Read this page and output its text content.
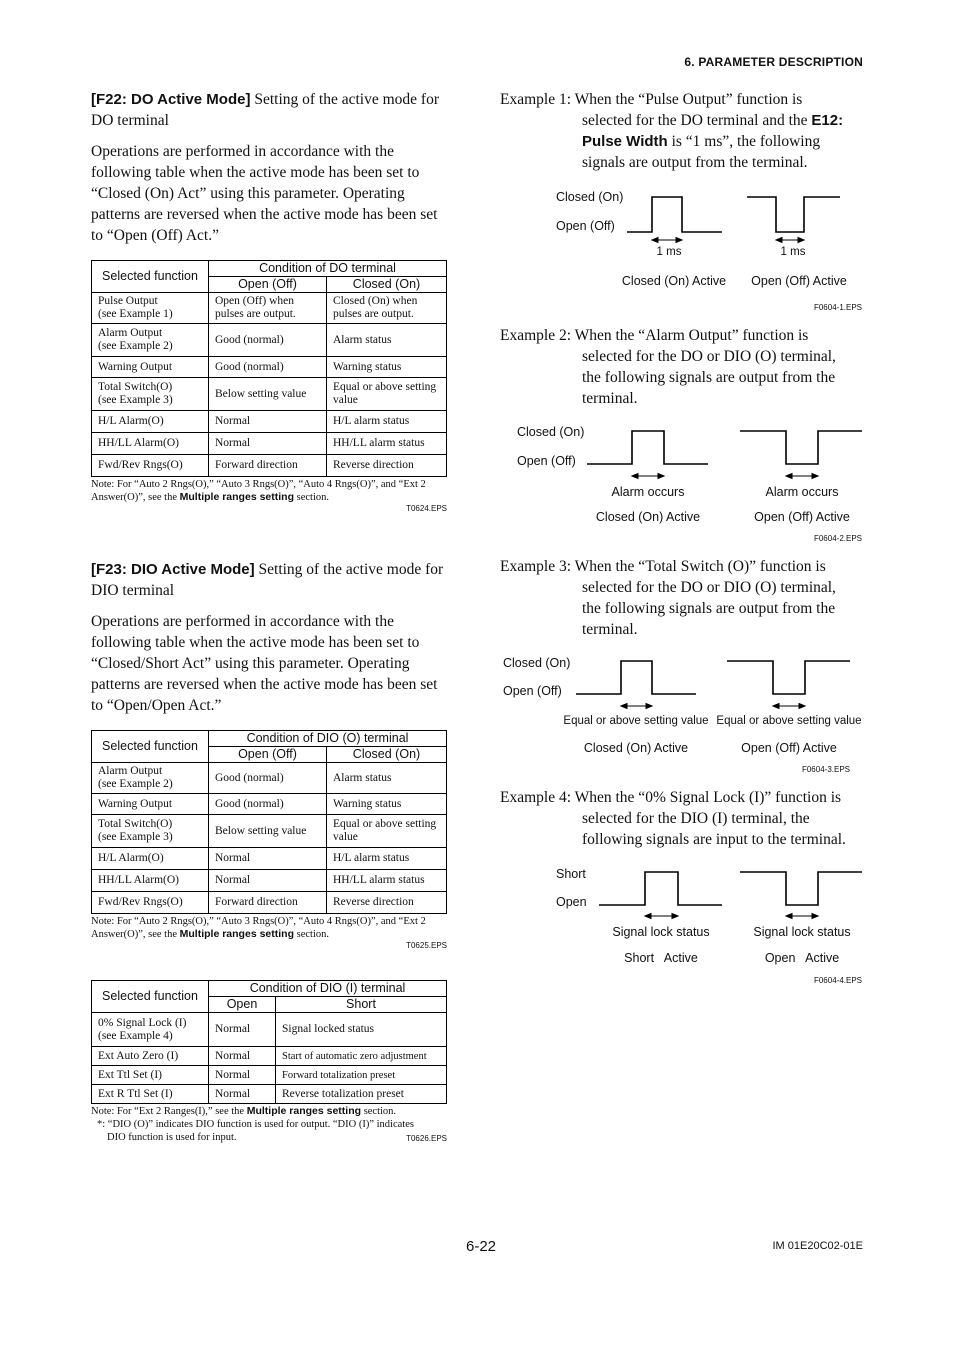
6. PARAMETER DESCRIPTION
[F22: DO Active Mode] Setting of the active mode for DO terminal
Operations are performed in accordance with the following table when the active mode has been set to “Closed (On) Act” using this parameter. Operating patterns are reversed when the active mode has been set to “Open (Off) Act.”
Selected function	Condition of DO terminal	
	Open (Off)	Closed (On)
Pulse Output
(see Example 1)	Open (Off) when pulses are output.	Closed (On) when pulses are output.
Alarm Output
(see Example 2)	Good (normal)	Alarm status
Warning Output	Good (normal)	Warning status
Total Switch(O)
(see Example 3)	Below setting value	Equal or above setting value
H/L Alarm(O)	Normal	H/L alarm status
HH/LL Alarm(O)	Normal	HH/LL alarm status
Fwd/Rev Rngs(O)	Forward direction	Reverse direction
Note: For “Auto 2 Rngs(O),” “Auto 3 Rngs(O)”, “Auto 4 Rngs(O)”, and “Ext 2 Answer(O)”, see the Multiple ranges setting section.
T0624.EPS
[F23: DIO Active Mode] Setting of the active mode for DIO terminal
Operations are performed in accordance with the following table when the active mode has been set to “Closed/Short Act” using this parameter. Operating patterns are reversed when the active mode has been set to “Open/Open Act.”
Selected function	Condition of DIO (O) terminal	
	Open (Off)	Closed (On)
Alarm Output
(see Example 2)	Good (normal)	Alarm status
Warning Output	Good (normal)	Warning status
Total Switch(O)
(see Example 3)	Below setting value	Equal or above setting value
H/L Alarm(O)	Normal	H/L alarm status
HH/LL Alarm(O)	Normal	HH/LL alarm status
Fwd/Rev Rngs(O)	Forward direction	Reverse direction
Note: For “Auto 2 Rngs(O),” “Auto 3 Rngs(O)”, “Auto 4 Rngs(O)”, and “Ext 2 Answer(O)”, see the Multiple ranges setting section.
T0625.EPS
Selected function	Condition of DIO (I) terminal	
	Open	Short
0% Signal Lock (I)
(see Example 4)	Normal	Signal locked status
Ext Auto Zero (I)	Normal	Start of automatic zero adjustment
Ext Ttl Set (I)	Normal	Forward totalization preset
Ext R Ttl Set (I)	Normal	Reverse totalization preset
Note: For “Ext 2 Ranges(I),” see the Multiple ranges setting section.
*: “DIO (O)” indicates DIO function is used for output. “DIO (I)” indicates DIO function is used for input.	T0626.EPS
Example 1: When the “Pulse Output” function is
selected for the DO terminal and the E12:
Pulse Width is “1 ms”, the following
signals are output from the terminal.
Closed (On)
Open (Off)
1 ms	1 ms
Closed (On) Active Open (Off) Active
F0604-1.EPS
Example 2: When the “Alarm Output” function is
selected for the DO or DIO (O) terminal,
the following signals are output from the
terminal.
Closed (On)
Open (Off)
Alarm occurs	Alarm occurs
Closed (On) Active	Open (Off) Active
F0604-2.EPS
Example 3: When the “Total Switch (O)” function is
selected for the DO or DIO (O) terminal,
the following signals are output from the
terminal.
Closed (On)
Open (Off)
Equal or above setting value Equal or above setting value
Closed (On) Active	Open (Off) Active
F0604-3.EPS
Example 4: When the “0% Signal Lock (I)” function is
selected for the DIO (I) terminal, the
following signals are input to the terminal.
Short
Open
Signal lock status	Signal lock status
Short   Active	Open   Active
F0604-4.EPS
6-22	IM 01E20C02-01E
